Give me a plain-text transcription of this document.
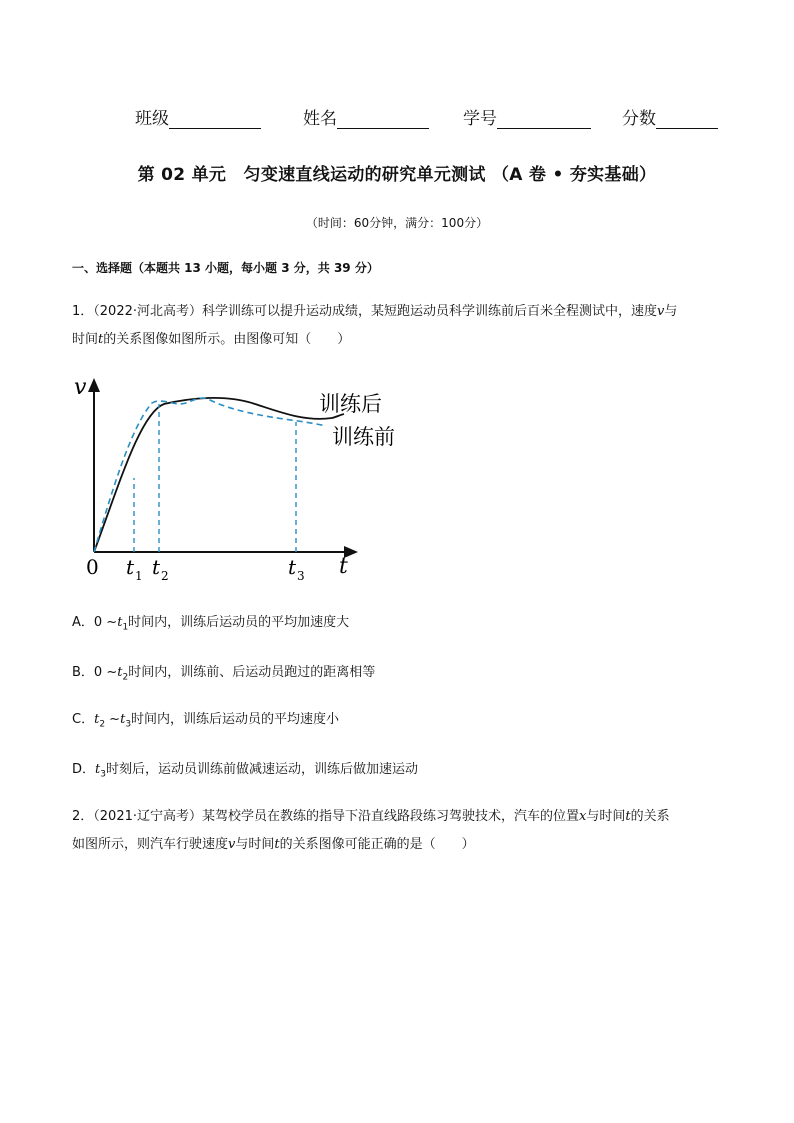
班级	姓名	学号	分数
第 02 单元　匀变速直线运动的研究单元测试 （A 卷 • 夯实基础）
（时间：60分钟，满分：100分）
一、选择题（本题共 13 小题，每小题 3 分，共 39 分）
1．（2022·河北高考）科学训练可以提升运动成绩，某短跑运动员科学训练前后百米全程测试中，速度v与
时间t的关系图像如图所示。由图像可知（　　）
v
t
0 t 1 t 2	t 3
训练后
训练前
A．0 $\sim t_1$时间内，训练后运动员的平均加速度大
B．0 $\sim t_2$时间内，训练前、后运动员跑过的距离相等
C．$t_2$ $\sim t_3$时间内，训练后运动员的平均速度小
D．$t_3$时刻后，运动员训练前做减速运动，训练后做加速运动
2．（2021·辽宁高考）某驾校学员在教练的指导下沿直线路段练习驾驶技术，汽车的位置x与时间t的关系
如图所示，则汽车行驶速度v与时间t的关系图像可能正确的是（　　）
